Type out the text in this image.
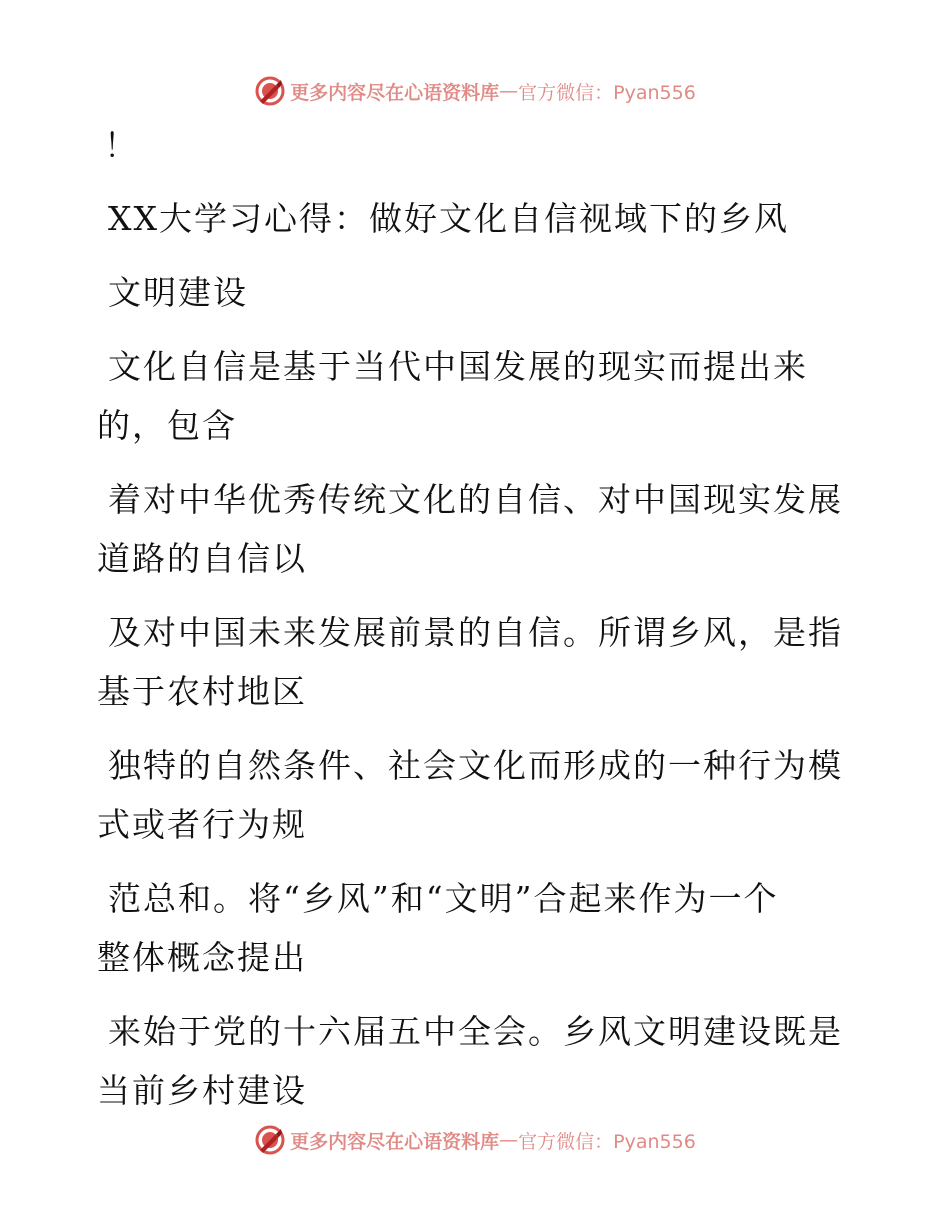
更多内容尽在心语资料库 — 官方微信：Pyan556
！
XX大学习心得：做好文化自信视域下的乡风
文明建设
文化自信是基于当代中国发展的现实而提出来
的，包含
着对中华优秀传统文化的自信、对中国现实发展
道路的自信以
及对中国未来发展前景的自信。所谓乡风，是指
基于农村地区
独特的自然条件、社会文化而形成的一种行为模
式或者行为规
范总和。将“乡风”和“文明”合起来作为一个
整体概念提出
来始于党的十六届五中全会。乡风文明建设既是
当前乡村建设
更多内容尽在心语资料库 — 官方微信：Pyan556
